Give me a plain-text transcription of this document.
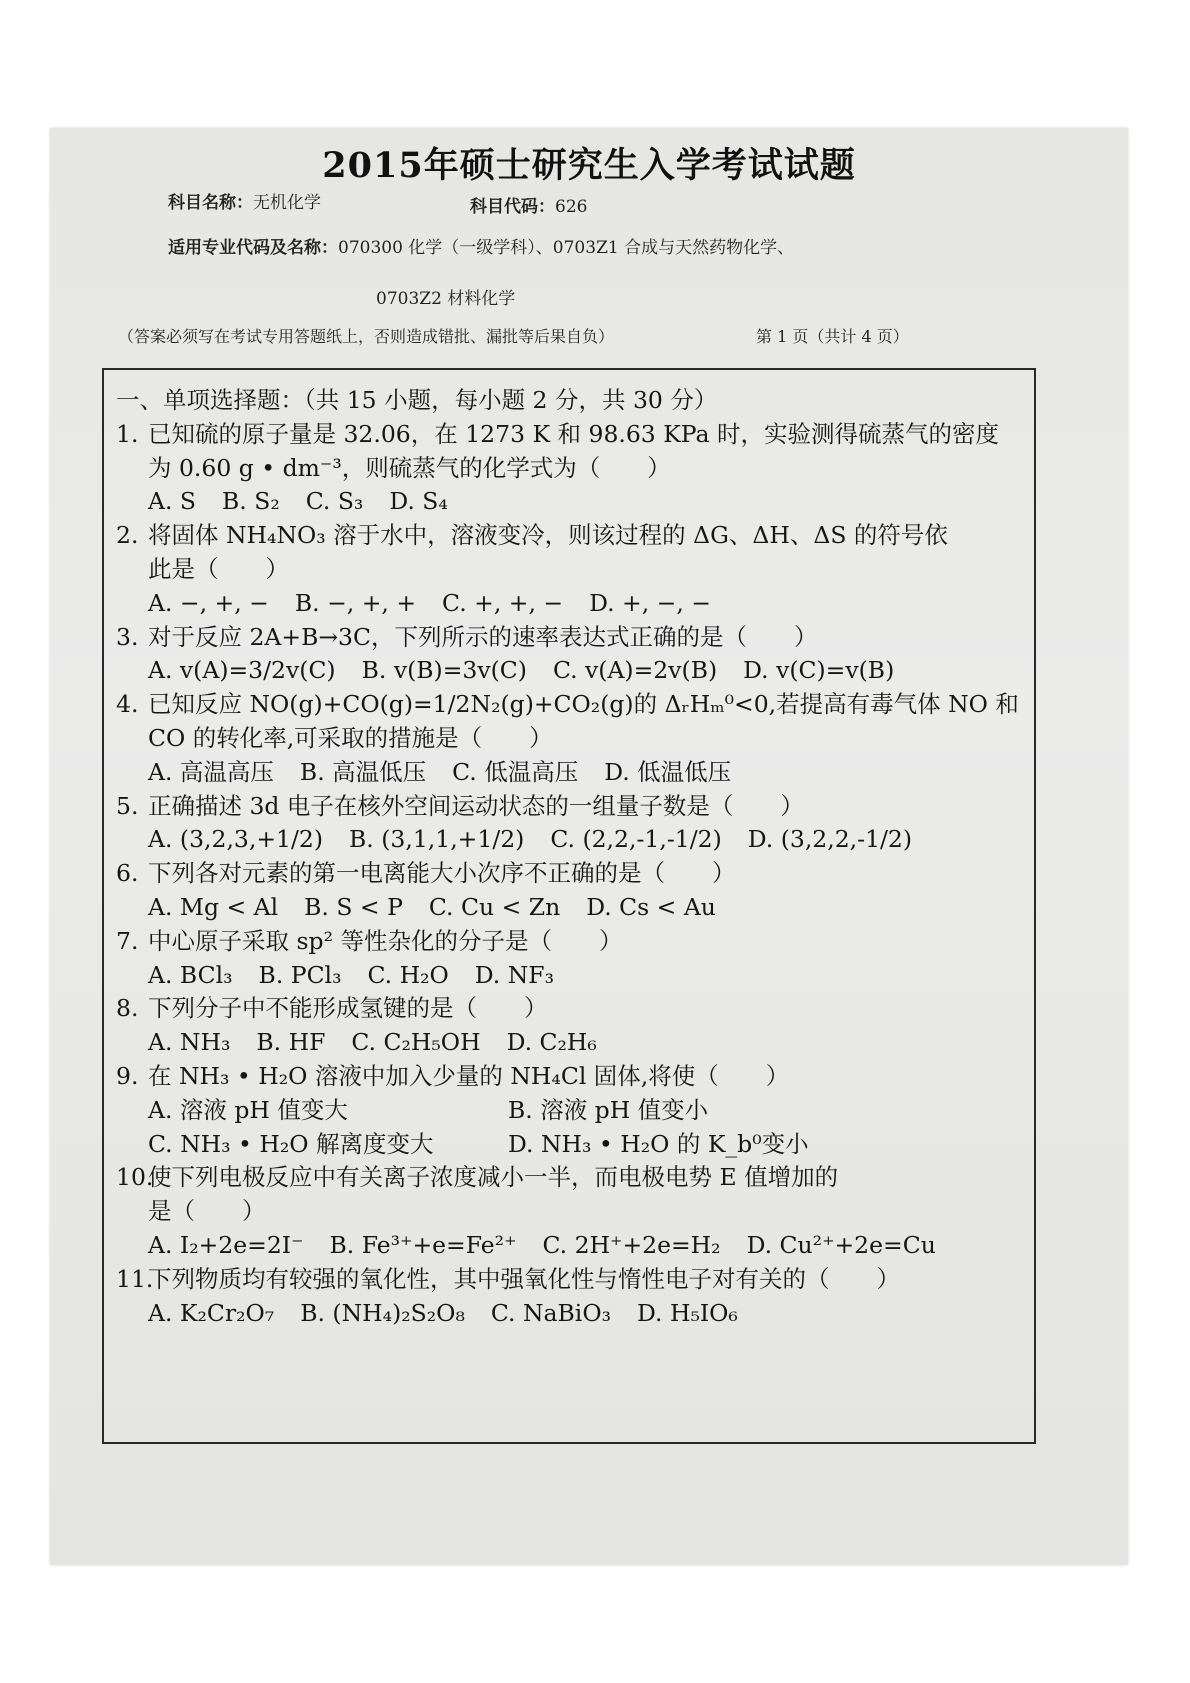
2015年硕士研究生入学考试试题
科目名称：无机化学	科目代码：626
适用专业代码及名称：070300 化学（一级学科）、0703Z1 合成与天然药物化学、
0703Z2 材料化学
（答案必须写在考试专用答题纸上，否则造成错批、漏批等后果自负）	第 1 页（共计 4 页）
一、单项选择题：（共 15 小题，每小题 2 分，共 30 分）
1. 已知硫的原子量是 32.06，在 1273 K 和 98.63 KPa 时，实验测得硫蒸气的密度
为 0.60 g • dm⁻³，则硫蒸气的化学式为（　　）
A. S B. S₂ C. S₃ D. S₄
2. 将固体 NH₄NO₃ 溶于水中，溶液变冷，则该过程的 ΔG、ΔH、ΔS 的符号依
此是（　　）
A. −, +, − B. −, +, + C. +, +, − D. +, −, −
3. 对于反应 2A+B→3C，下列所示的速率表达式正确的是（　　）
A. v(A)=3/2v(C) B. v(B)=3v(C) C. v(A)=2v(B) D. v(C)=v(B)
4. 已知反应 NO(g)+CO(g)=1/2N₂(g)+CO₂(g)的 ΔᵣHₘ⁰<0,若提高有毒气体 NO 和
CO 的转化率,可采取的措施是（　　）
A. 高温高压 B. 高温低压 C. 低温高压 D. 低温低压
5. 正确描述 3d 电子在核外空间运动状态的一组量子数是（　　）
A. (3,2,3,+1/2) B. (3,1,1,+1/2) C. (2,2,-1,-1/2) D. (3,2,2,-1/2)
6. 下列各对元素的第一电离能大小次序不正确的是（　　）
A. Mg < Al B. S < P C. Cu < Zn D. Cs < Au
7. 中心原子采取 sp² 等性杂化的分子是（　　）
A. BCl₃ B. PCl₃ C. H₂O D. NF₃
8. 下列分子中不能形成氢键的是（　　）
A. NH₃ B. HF C. C₂H₅OH D. C₂H₆
9. 在 NH₃ • H₂O 溶液中加入少量的 NH₄Cl 固体,将使（　　）
A. 溶液 pH 值变大	B. 溶液 pH 值变小
C. NH₃ • H₂O 解离度变大	D. NH₃ • H₂O 的 K_b⁰变小
10.使下列电极反应中有关离子浓度减小一半，而电极电势 E 值增加的
是（　　）
A. I₂+2e=2I⁻ B. Fe³⁺+e=Fe²⁺ C. 2H⁺+2e=H₂ D. Cu²⁺+2e=Cu
11.下列物质均有较强的氧化性，其中强氧化性与惰性电子对有关的（　　）
A. K₂Cr₂O₇ B. (NH₄)₂S₂O₈ C. NaBiO₃ D. H₅IO₆
